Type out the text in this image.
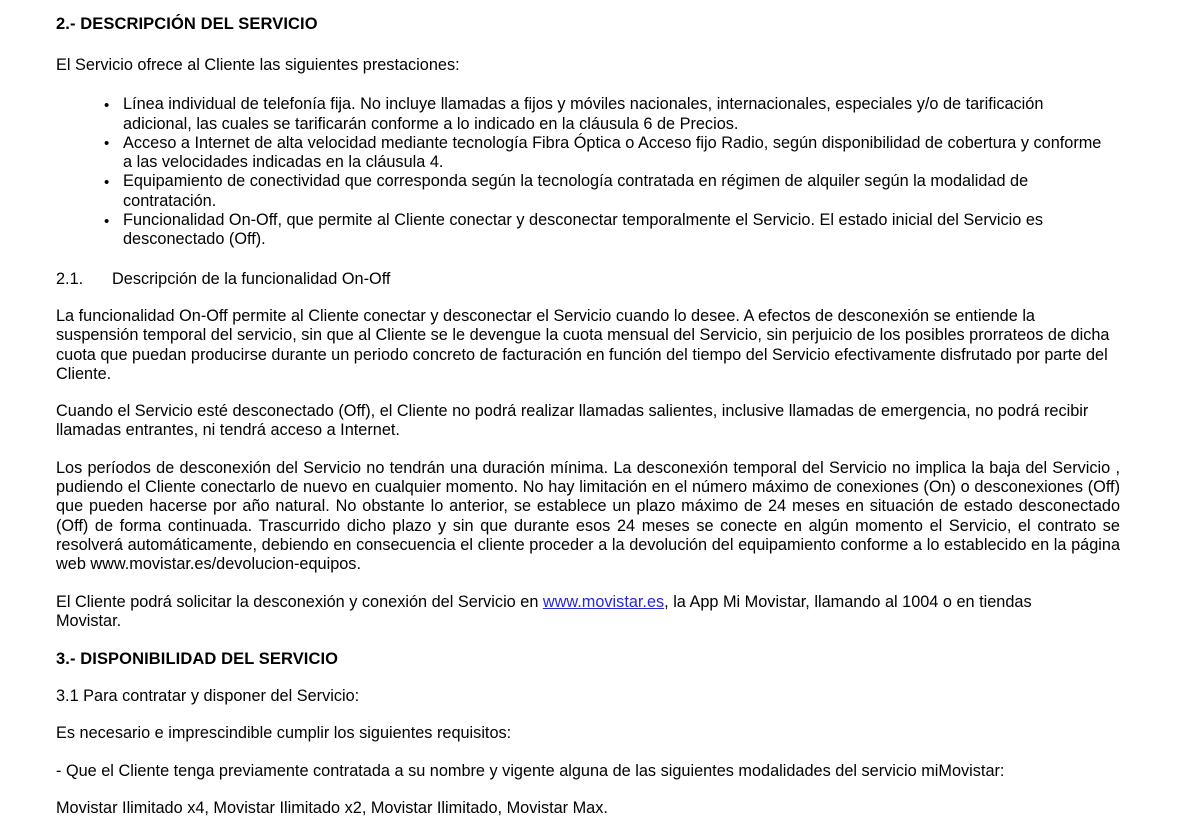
2.- DESCRIPCIÓN DEL SERVICIO

El Servicio ofrece al Cliente las siguientes prestaciones:

• Línea individual de telefonía fija. No incluye llamadas a fijos y móviles nacionales, internacionales, especiales y/o de tarificación adicional, las cuales se tarificarán conforme a lo indicado en la cláusula 6 de Precios.
• Acceso a Internet de alta velocidad mediante tecnología Fibra Óptica o Acceso fijo Radio, según disponibilidad de cobertura y conforme a las velocidades indicadas en la cláusula 4.
• Equipamiento de conectividad que corresponda según la tecnología contratada en régimen de alquiler según la modalidad de contratación.
• Funcionalidad On-Off, que permite al Cliente conectar y desconectar temporalmente el Servicio. El estado inicial del Servicio es desconectado (Off).

2.1. Descripción de la funcionalidad On-Off

La funcionalidad On-Off permite al Cliente conectar y desconectar el Servicio cuando lo desee. A efectos de desconexión se entiende la suspensión temporal del servicio, sin que al Cliente se le devengue la cuota mensual del Servicio, sin perjuicio de los posibles prorrateos de dicha cuota que puedan producirse durante un periodo concreto de facturación en función del tiempo del Servicio efectivamente disfrutado por parte del Cliente.

Cuando el Servicio esté desconectado (Off), el Cliente no podrá realizar llamadas salientes, inclusive llamadas de emergencia, no podrá recibir llamadas entrantes, ni tendrá acceso a Internet.

Los períodos de desconexión del Servicio no tendrán una duración mínima. La desconexión temporal del Servicio no implica la baja del Servicio , pudiendo el Cliente conectarlo de nuevo en cualquier momento. No hay limitación en el número máximo de conexiones (On) o desconexiones (Off) que pueden hacerse por año natural. No obstante lo anterior, se establece un plazo máximo de 24 meses en situación de estado desconectado (Off) de forma continuada. Trascurrido dicho plazo y sin que durante esos 24 meses se conecte en algún momento el Servicio, el contrato se resolverá automáticamente, debiendo en consecuencia el cliente proceder a la devolución del equipamiento conforme a lo establecido en la página web www.movistar.es/devolucion-equipos.

El Cliente podrá solicitar la desconexión y conexión del Servicio en www.movistar.es, la App Mi Movistar, llamando al 1004 o en tiendas Movistar.

3.- DISPONIBILIDAD DEL SERVICIO

3.1 Para contratar y disponer del Servicio:

Es necesario e imprescindible cumplir los siguientes requisitos:

- Que el Cliente tenga previamente contratada a su nombre y vigente alguna de las siguientes modalidades del servicio miMovistar:

Movistar Ilimitado x4, Movistar Ilimitado x2, Movistar Ilimitado, Movistar Max.
